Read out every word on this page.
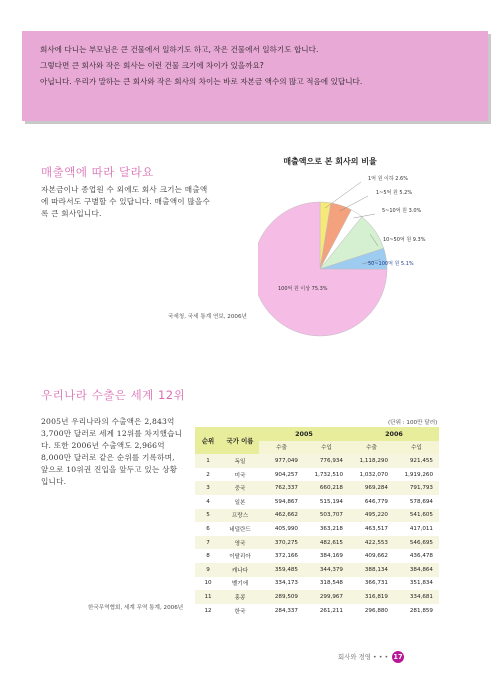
회사에 다니는 부모님은 큰 건물에서 일하기도 하고, 작은 건물에서 일하기도 합니다.
그렇다면 큰 회사와 작은 회사는 이런 건물 크기에 차이가 있을까요?
아닙니다. 우리가 말하는 큰 회사와 작은 회사의 차이는 바로 자본금 액수의 많고 적음에 있답니다.
매출액에 따라 달라요
자본금이나 종업원 수 외에도 회사 크기는 매출액
에 따라서도 구별할 수 있답니다. 매출액이 많을수
록 큰 회사입니다.
매출액으로 본 회사의 비율
1억 원 이하 2.6%
1~5억 원 5.2%
5~10억 원 3.0%
10~50억 원 9.3%
50~100억 원 5.1%
100억 원 이상 75.3%
국세청, 국세 통계 연보, 2006년
우리나라 수출은 세계 12위
2005년 우리나라의 수출액은 2,843억
3,700만 달러로 세계 12위를 차지했습니
다. 또한 2006년 수출액도 2,966억
8,000만 달러로 같은 순위를 기록하며,
앞으로 10위권 진입을 앞두고 있는 상황
입니다.
한국무역협회, 세계 무역 통계, 2006년
(단위 : 100만 달러)
순위	국가 이름	2005		2006	
		수출	수입	수출	수입
1	독일	977,049	776,934	1,118,290	921,455
2	미국	904,257	1,732,510	1,032,070	1,919,260
3	중국	762,337	660,218	969,284	791,793
4	일본	594,867	515,194	646,779	578,694
5	프랑스	462,662	503,707	495,220	541,605
6	네덜란드	405,990	363,218	463,517	417,011
7	영국	370,275	482,615	422,553	546,695
8	이탈리아	372,166	384,169	409,662	436,478
9	캐나다	359,485	344,379	388,134	384,864
10	벨기에	334,173	318,548	366,731	351,834
11	홍콩	289,509	299,967	316,819	334,681
12	한국	284,337	261,211	296,880	281,859
회사와 경영 • • • 17
